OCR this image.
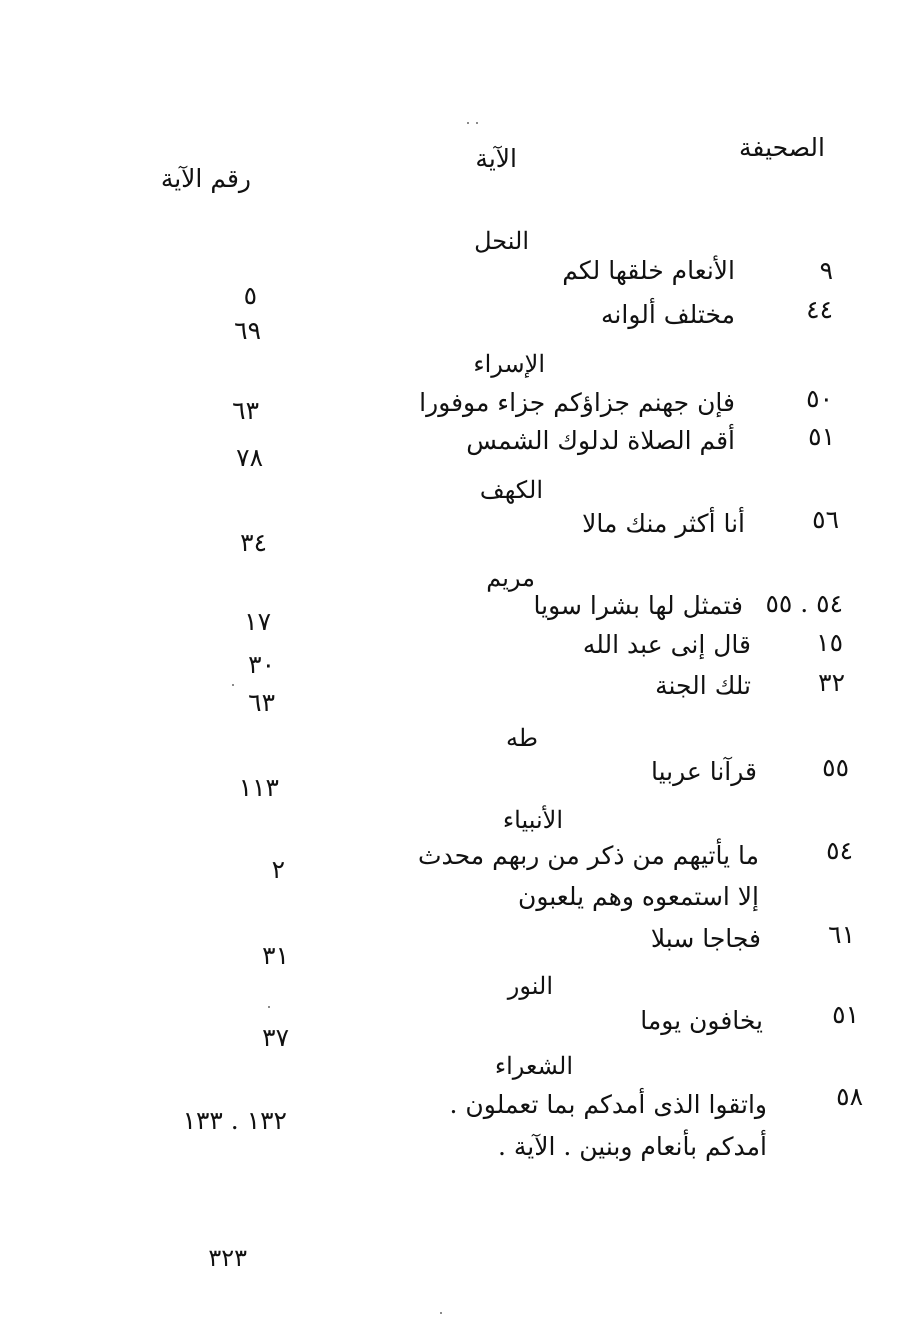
الصحيفة
الآية
رقم الآية
النحل
٩
الأنعام خلقها لكم
٥	٤٤
مختلف ألوانه
٦٩
الإسراء
٥٠
فإن جهنم جزاؤكم جزاء موفورا
٦٣
٥١
أقم الصلاة لدلوك الشمس
٧٨
الكهف
٥٦
أنا أكثر منك مالا
٣٤
مريم
٥٤ . ٥٥
فتمثل لها بشرا سويا
١٧
١٥
قال إنى عبد الله
٣٠
٣٢
تلك الجنة
٦٣
طه
٥٥
قرآنا عربيا
١١٣
الأنبياء
٥٤
ما يأتيهم من ذكر من ربهم محدث
٢
إلا استمعوه وهم يلعبون
٦١
فجاجا سبلا
٣١
النور
٥١
يخافون يوما
٣٧
الشعراء
٥٨
واتقوا الذى أمدكم بما تعملون .
١٣٢ . ١٣٣
أمدكم بأنعام وبنين . الآية .
٣٢٣
